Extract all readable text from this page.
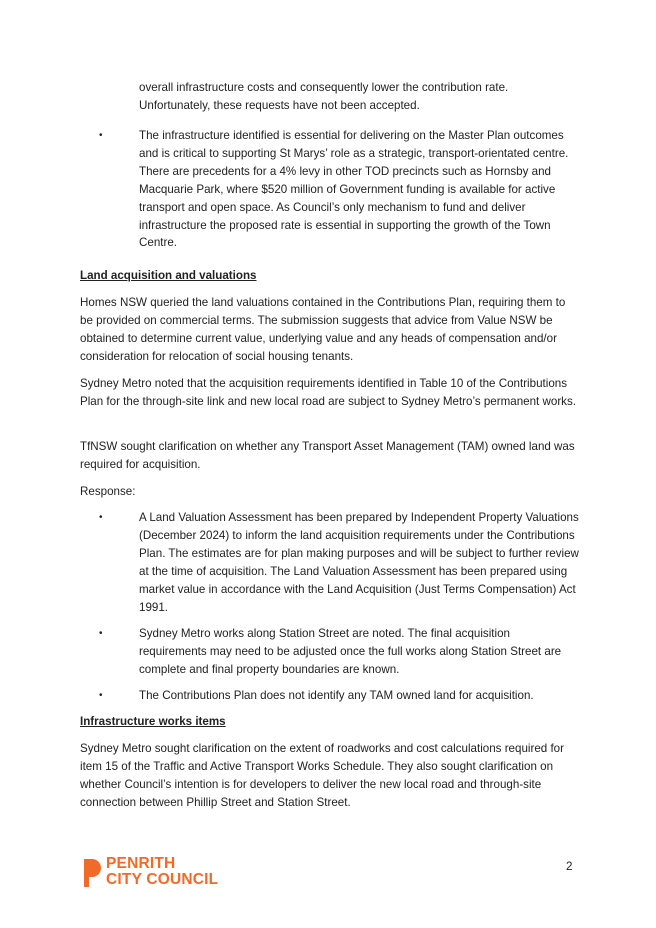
overall infrastructure costs and consequently lower the contribution rate. Unfortunately, these requests have not been accepted.

•	The infrastructure identified is essential for delivering on the Master Plan outcomes and is critical to supporting St Marys’ role as a strategic, transport-orientated centre. There are precedents for a 4% levy in other TOD precincts such as Hornsby and Macquarie Park, where $520 million of Government funding is available for active transport and open space. As Council’s only mechanism to fund and deliver infrastructure the proposed rate is essential in supporting the growth of the Town Centre.

Land acquisition and valuations

Homes NSW queried the land valuations contained in the Contributions Plan, requiring them to be provided on commercial terms. The submission suggests that advice from Value NSW be obtained to determine current value, underlying value and any heads of compensation and/or consideration for relocation of social housing tenants.

Sydney Metro noted that the acquisition requirements identified in Table 10 of the Contributions Plan for the through-site link and new local road are subject to Sydney Metro’s permanent works.

TfNSW sought clarification on whether any Transport Asset Management (TAM) owned land was required for acquisition.

Response:

•	A Land Valuation Assessment has been prepared by Independent Property Valuations (December 2024) to inform the land acquisition requirements under the Contributions Plan. The estimates are for plan making purposes and will be subject to further review at the time of acquisition. The Land Valuation Assessment has been prepared using market value in accordance with the Land Acquisition (Just Terms Compensation) Act 1991.

•	Sydney Metro works along Station Street are noted. The final acquisition requirements may need to be adjusted once the full works along Station Street are complete and final property boundaries are known.

•	The Contributions Plan does not identify any TAM owned land for acquisition.

Infrastructure works items

Sydney Metro sought clarification on the extent of roadworks and cost calculations required for item 15 of the Traffic and Active Transport Works Schedule. They also sought clarification on whether Council’s intention is for developers to deliver the new local road and through-site connection between Phillip Street and Station Street.

PENRITH
CITY COUNCIL
2
